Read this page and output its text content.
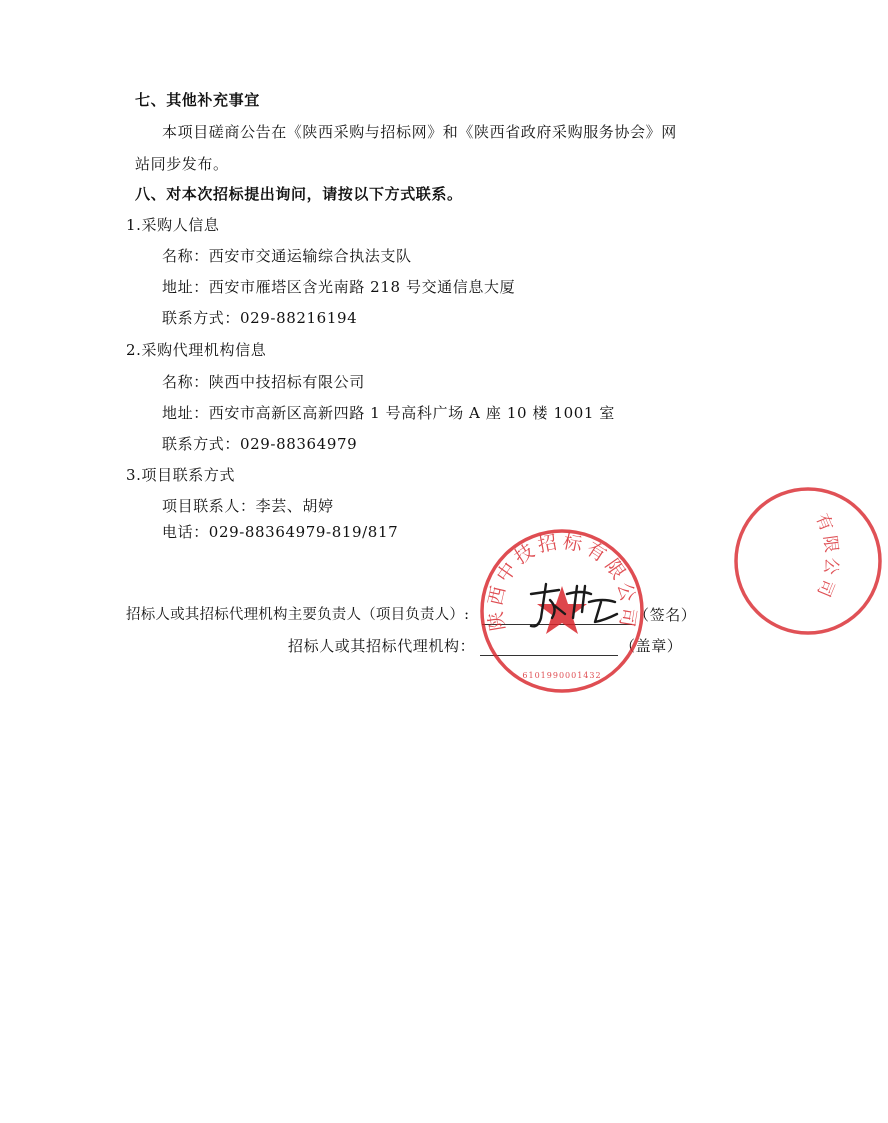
七、其他补充事宜
本项目磋商公告在《陕西采购与招标网》和《陕西省政府采购服务协会》网
站同步发布。
八、对本次招标提出询问，请按以下方式联系。
1.采购人信息
名称：西安市交通运输综合执法支队
地址：西安市雁塔区含光南路 218 号交通信息大厦
联系方式：029-88216194
2.采购代理机构信息
名称：陕西中技招标有限公司
地址：西安市高新区高新四路 1 号高科广场 A 座 10 楼 1001 室
联系方式：029-88364979
3.项目联系方式
项目联系人：李芸、胡婷
电话：029-88364979-819/817
招标人或其招标代理机构主要负责人（项目负责人）:	（签名）
招标人或其招标代理机构：	（盖章）
陕西中技招标有限公司
6101990001432
有限公司
